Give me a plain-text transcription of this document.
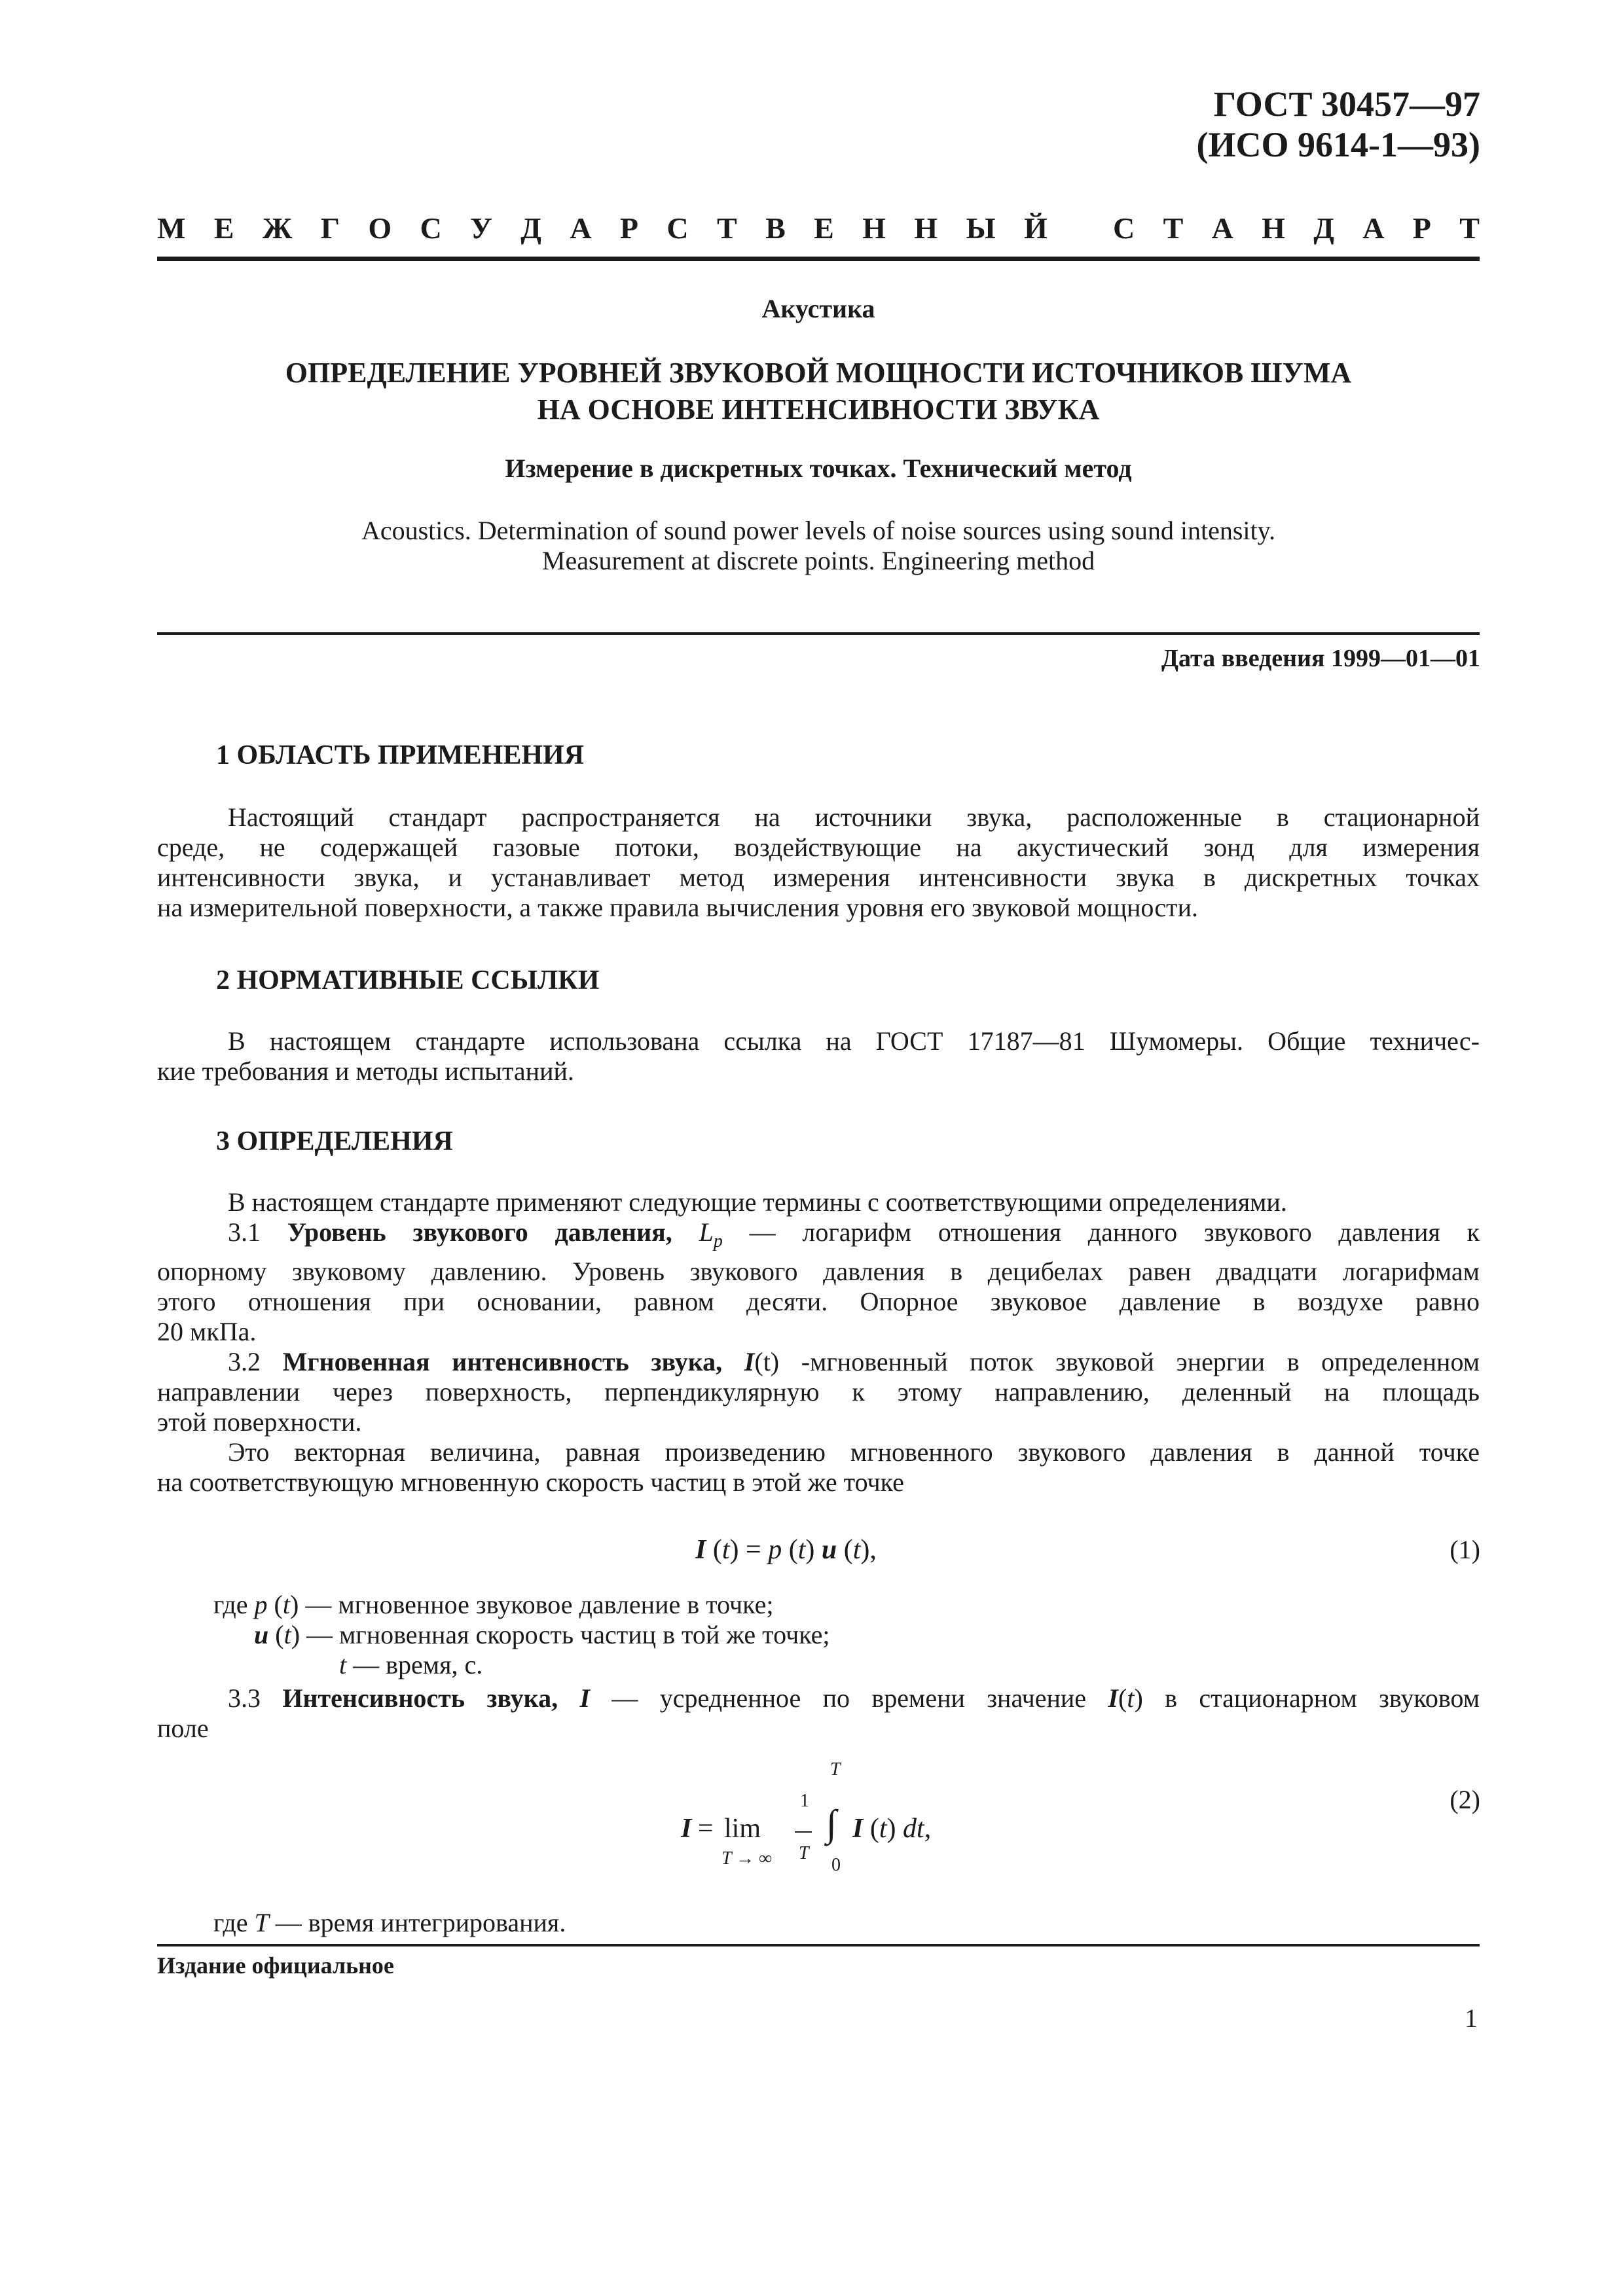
ГОСТ 30457—97
(ИСО 9614-1—93)
М Е Ж Г О С У Д А Р С Т В Е Н Н Ы Й С Т А Н Д А Р Т
Акустика
ОПРЕДЕЛЕНИЕ УРОВНЕЙ ЗВУКОВОЙ МОЩНОСТИ ИСТОЧНИКОВ ШУМА
НА ОСНОВЕ ИНТЕНСИВНОСТИ ЗВУКА
Измерение в дискретных точках. Технический метод
Acoustics. Determination of sound power levels of noise sources using sound intensity.
Measurement at discrete points. Engineering method
Дата введения 1999—01—01
1 ОБЛАСТЬ ПРИМЕНЕНИЯ
Настоящий стандарт распространяется на источники звука, расположенные в стационарной
среде, не содержащей газовые потоки, воздействующие на акустический зонд для измерения
интенсивности звука, и устанавливает метод измерения интенсивности звука в дискретных точках
на измерительной поверхности, а также правила вычисления уровня его звуковой мощности.
2 НОРМАТИВНЫЕ ССЫЛКИ
В настоящем стандарте использована ссылка на ГОСТ 17187—81 Шумомеры. Общие техничес-
кие требования и методы испытаний.
3 ОПРЕДЕЛЕНИЯ
В настоящем стандарте применяют следующие термины с соответствующими определениями.
3.1 Уровень звукового давления, $L_p$ — логарифм отношения данного звукового давления к
опорному звуковому давлению. Уровень звукового давления в децибелах равен двадцати логарифмам
этого отношения при основании, равном десяти. Опорное звуковое давление в воздухе равно
20 мкПа.
3.2 Мгновенная интенсивность звука, I(t) -мгновенный поток звуковой энергии в определенном
направлении через поверхность, перпендикулярную к этому направлению, деленный на площадь
этой поверхности.
Это векторная величина, равная произведению мгновенного звукового давления в данной точке
на соответствующую мгновенную скорость частиц в этой же точке
I (t) = p (t) u (t),	(1)
где p (t) — мгновенное звуковое давление в точке;
u (t) — мгновенная скорость частиц в той же точке;
t — время, с.
3.3 Интенсивность звука, I — усредненное по времени значение I(t) в стационарном звуковом
поле
I = lim
T → ∞
1
T
T
∫
0
I (t) dt,
(2)
где T — время интегрирования.
Издание официальное
1
